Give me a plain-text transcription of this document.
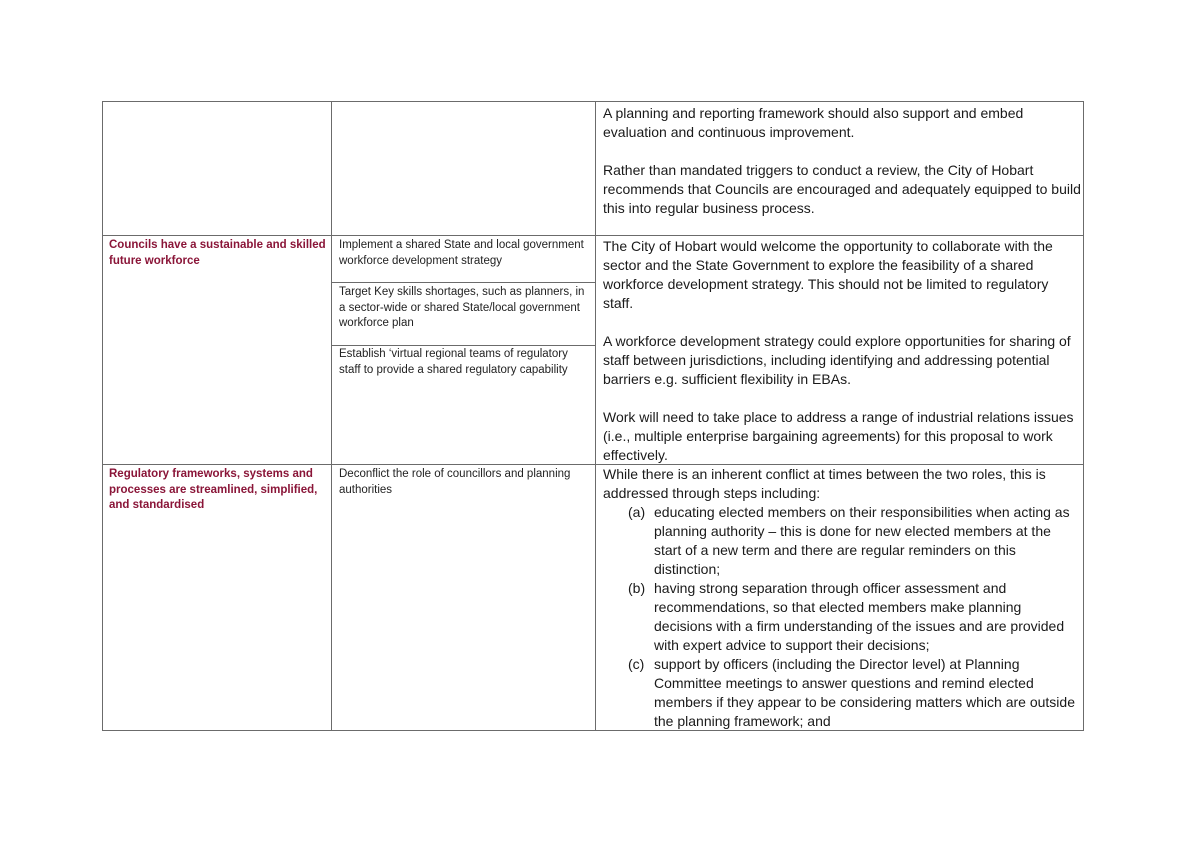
A planning and reporting framework should also support and embed evaluation and continuous improvement.

Rather than mandated triggers to conduct a review, the City of Hobart recommends that Councils are encouraged and adequately equipped to build this into regular business process.

Councils have a sustainable and skilled future workforce
Implement a shared State and local government workforce development strategy
Target Key skills shortages, such as planners, in a sector-wide or shared State/local government workforce plan
Establish ‘virtual regional teams of regulatory staff to provide a shared regulatory capability

The City of Hobart would welcome the opportunity to collaborate with the sector and the State Government to explore the feasibility of a shared workforce development strategy. This should not be limited to regulatory staff.

A workforce development strategy could explore opportunities for sharing of staff between jurisdictions, including identifying and addressing potential barriers e.g. sufficient flexibility in EBAs.

Work will need to take place to address a range of industrial relations issues (i.e., multiple enterprise bargaining agreements) for this proposal to work effectively.

Regulatory frameworks, systems and processes are streamlined, simplified, and standardised
Deconflict the role of councillors and planning authorities

While there is an inherent conflict at times between the two roles, this is addressed through steps including:

(a) educating elected members on their responsibilities when acting as planning authority – this is done for new elected members at the start of a new term and there are regular reminders on this distinction;
(b) having strong separation through officer assessment and recommendations, so that elected members make planning decisions with a firm understanding of the issues and are provided with expert advice to support their decisions;
(c) support by officers (including the Director level) at Planning Committee meetings to answer questions and remind elected members if they appear to be considering matters which are outside the planning framework; and
